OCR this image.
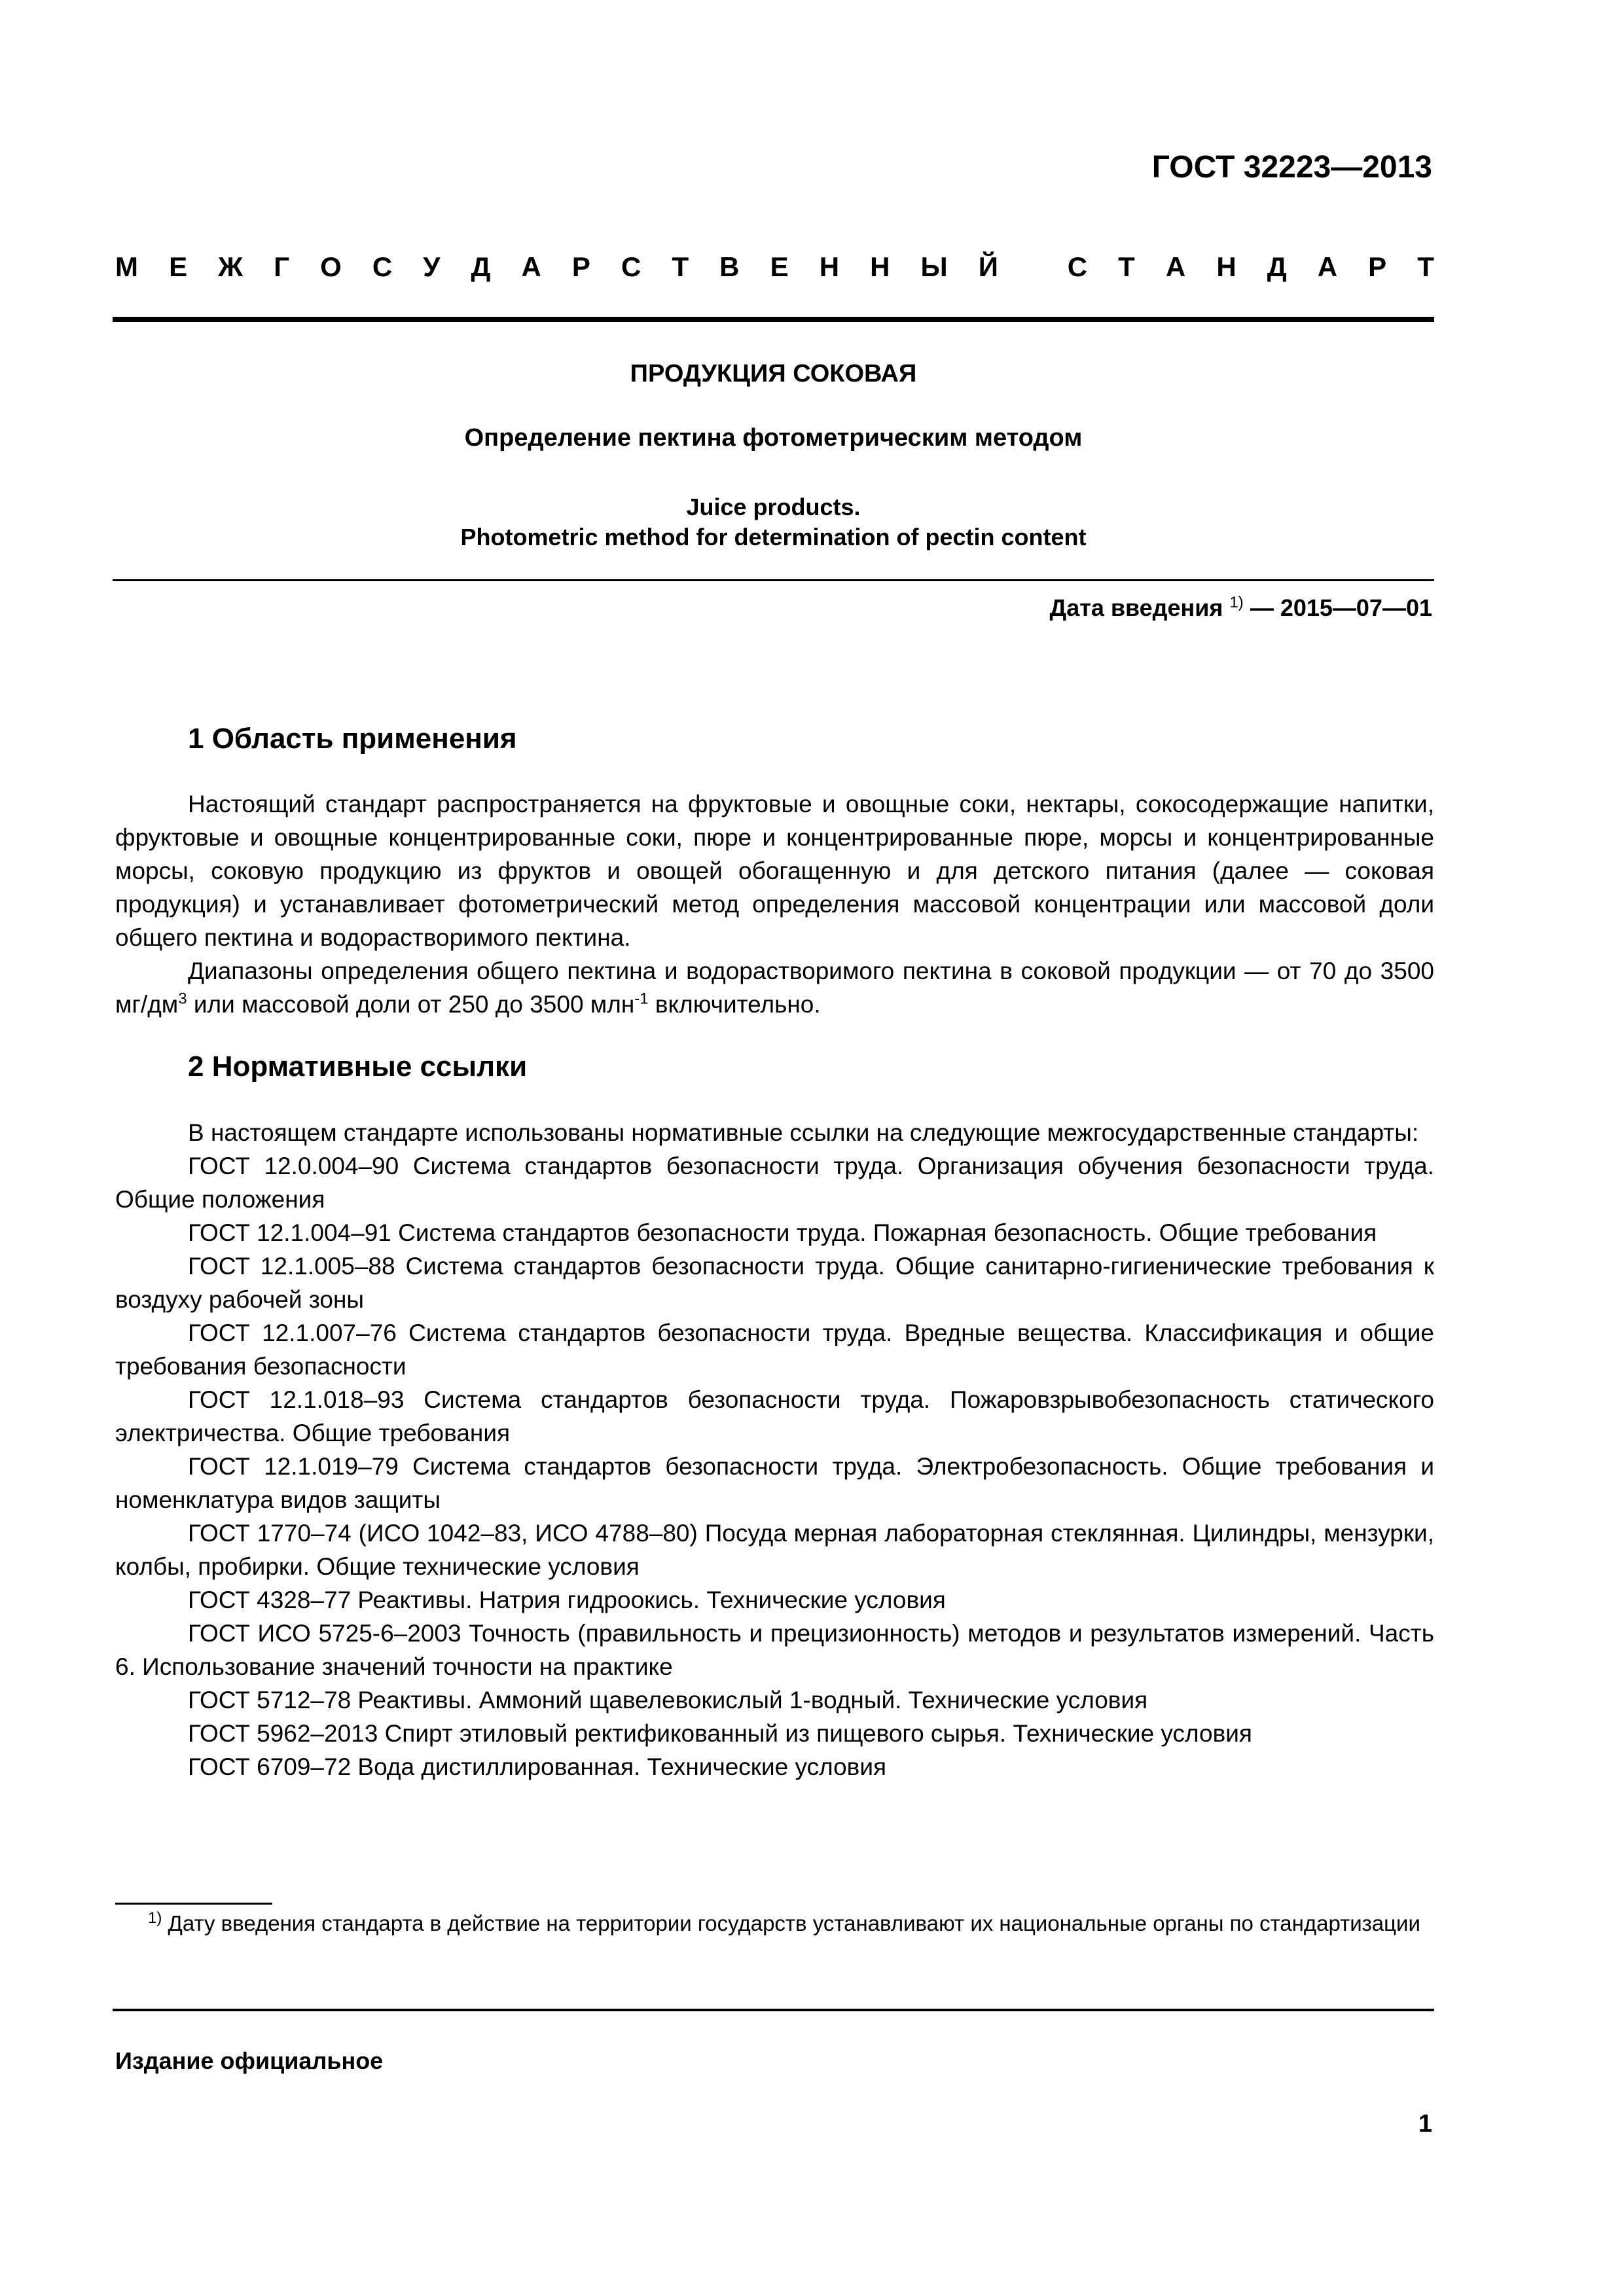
ГОСТ 32223—2013
М Е Ж Г О С У Д А Р С Т В Е Н Н Ы Й
	С Т А Н Д А Р Т
ПРОДУКЦИЯ СОКОВАЯ
Определение пектина фотометрическим методом
Juice products.
Photometric method for determination of pectin content
Дата введения $^{1)}$ — 2015—07—01
1 Область применения

Настоящий стандарт распространяется на фруктовые и овощные соки, нектары, сокосодержащие напитки, фруктовые и овощные концентрированные соки, пюре и концентрированные пюре, морсы и концентрированные морсы, соковую продукцию из фруктов и овощей обогащенную и для детского питания (далее — соковая продукция) и устанавливает фотометрический метод определения массовой концентрации или массовой доли общего пектина и водорастворимого пектина.

Диапазоны определения общего пектина и водорастворимого пектина в соковой продукции — от 70 до 3500 $мг/дм^3$ или массовой доли от 250 до 3500 млн$^{-1}$ включительно.

2 Нормативные ссылки

В настоящем стандарте использованы нормативные ссылки на следующие межгосударственные стандарты:

ГОСТ 12.0.004–90 Система стандартов безопасности труда. Организация обучения безопасности труда. Общие положения

ГОСТ 12.1.004–91 Система стандартов безопасности труда. Пожарная безопасность. Общие требования

ГОСТ 12.1.005–88 Система стандартов безопасности труда. Общие санитарно-гигиенические требования к воздуху рабочей зоны

ГОСТ 12.1.007–76 Система стандартов безопасности труда. Вредные вещества. Классификация и общие требования безопасности

ГОСТ 12.1.018–93 Система стандартов безопасности труда. Пожаровзрывобезопасность статического электричества. Общие требования

ГОСТ 12.1.019–79 Система стандартов безопасности труда. Электробезопасность. Общие требования и номенклатура видов защиты

ГОСТ 1770–74 (ИСО 1042–83, ИСО 4788–80) Посуда мерная лабораторная стеклянная. Цилиндры, мензурки, колбы, пробирки. Общие технические условия

ГОСТ 4328–77 Реактивы. Натрия гидроокись. Технические условия

ГОСТ ИСО 5725-6–2003 Точность (правильность и прецизионность) методов и результатов измерений. Часть 6. Использование значений точности на практике

ГОСТ 5712–78 Реактивы. Аммоний щавелевокислый 1-водный. Технические условия

ГОСТ 5962–2013 Спирт этиловый ректификованный из пищевого сырья. Технические условия

ГОСТ 6709–72 Вода дистиллированная. Технические условия

$^{1)}$ Дату введения стандарта в действие на территории государств устанавливают их национальные органы по стандартизации
Издание официальное
1
